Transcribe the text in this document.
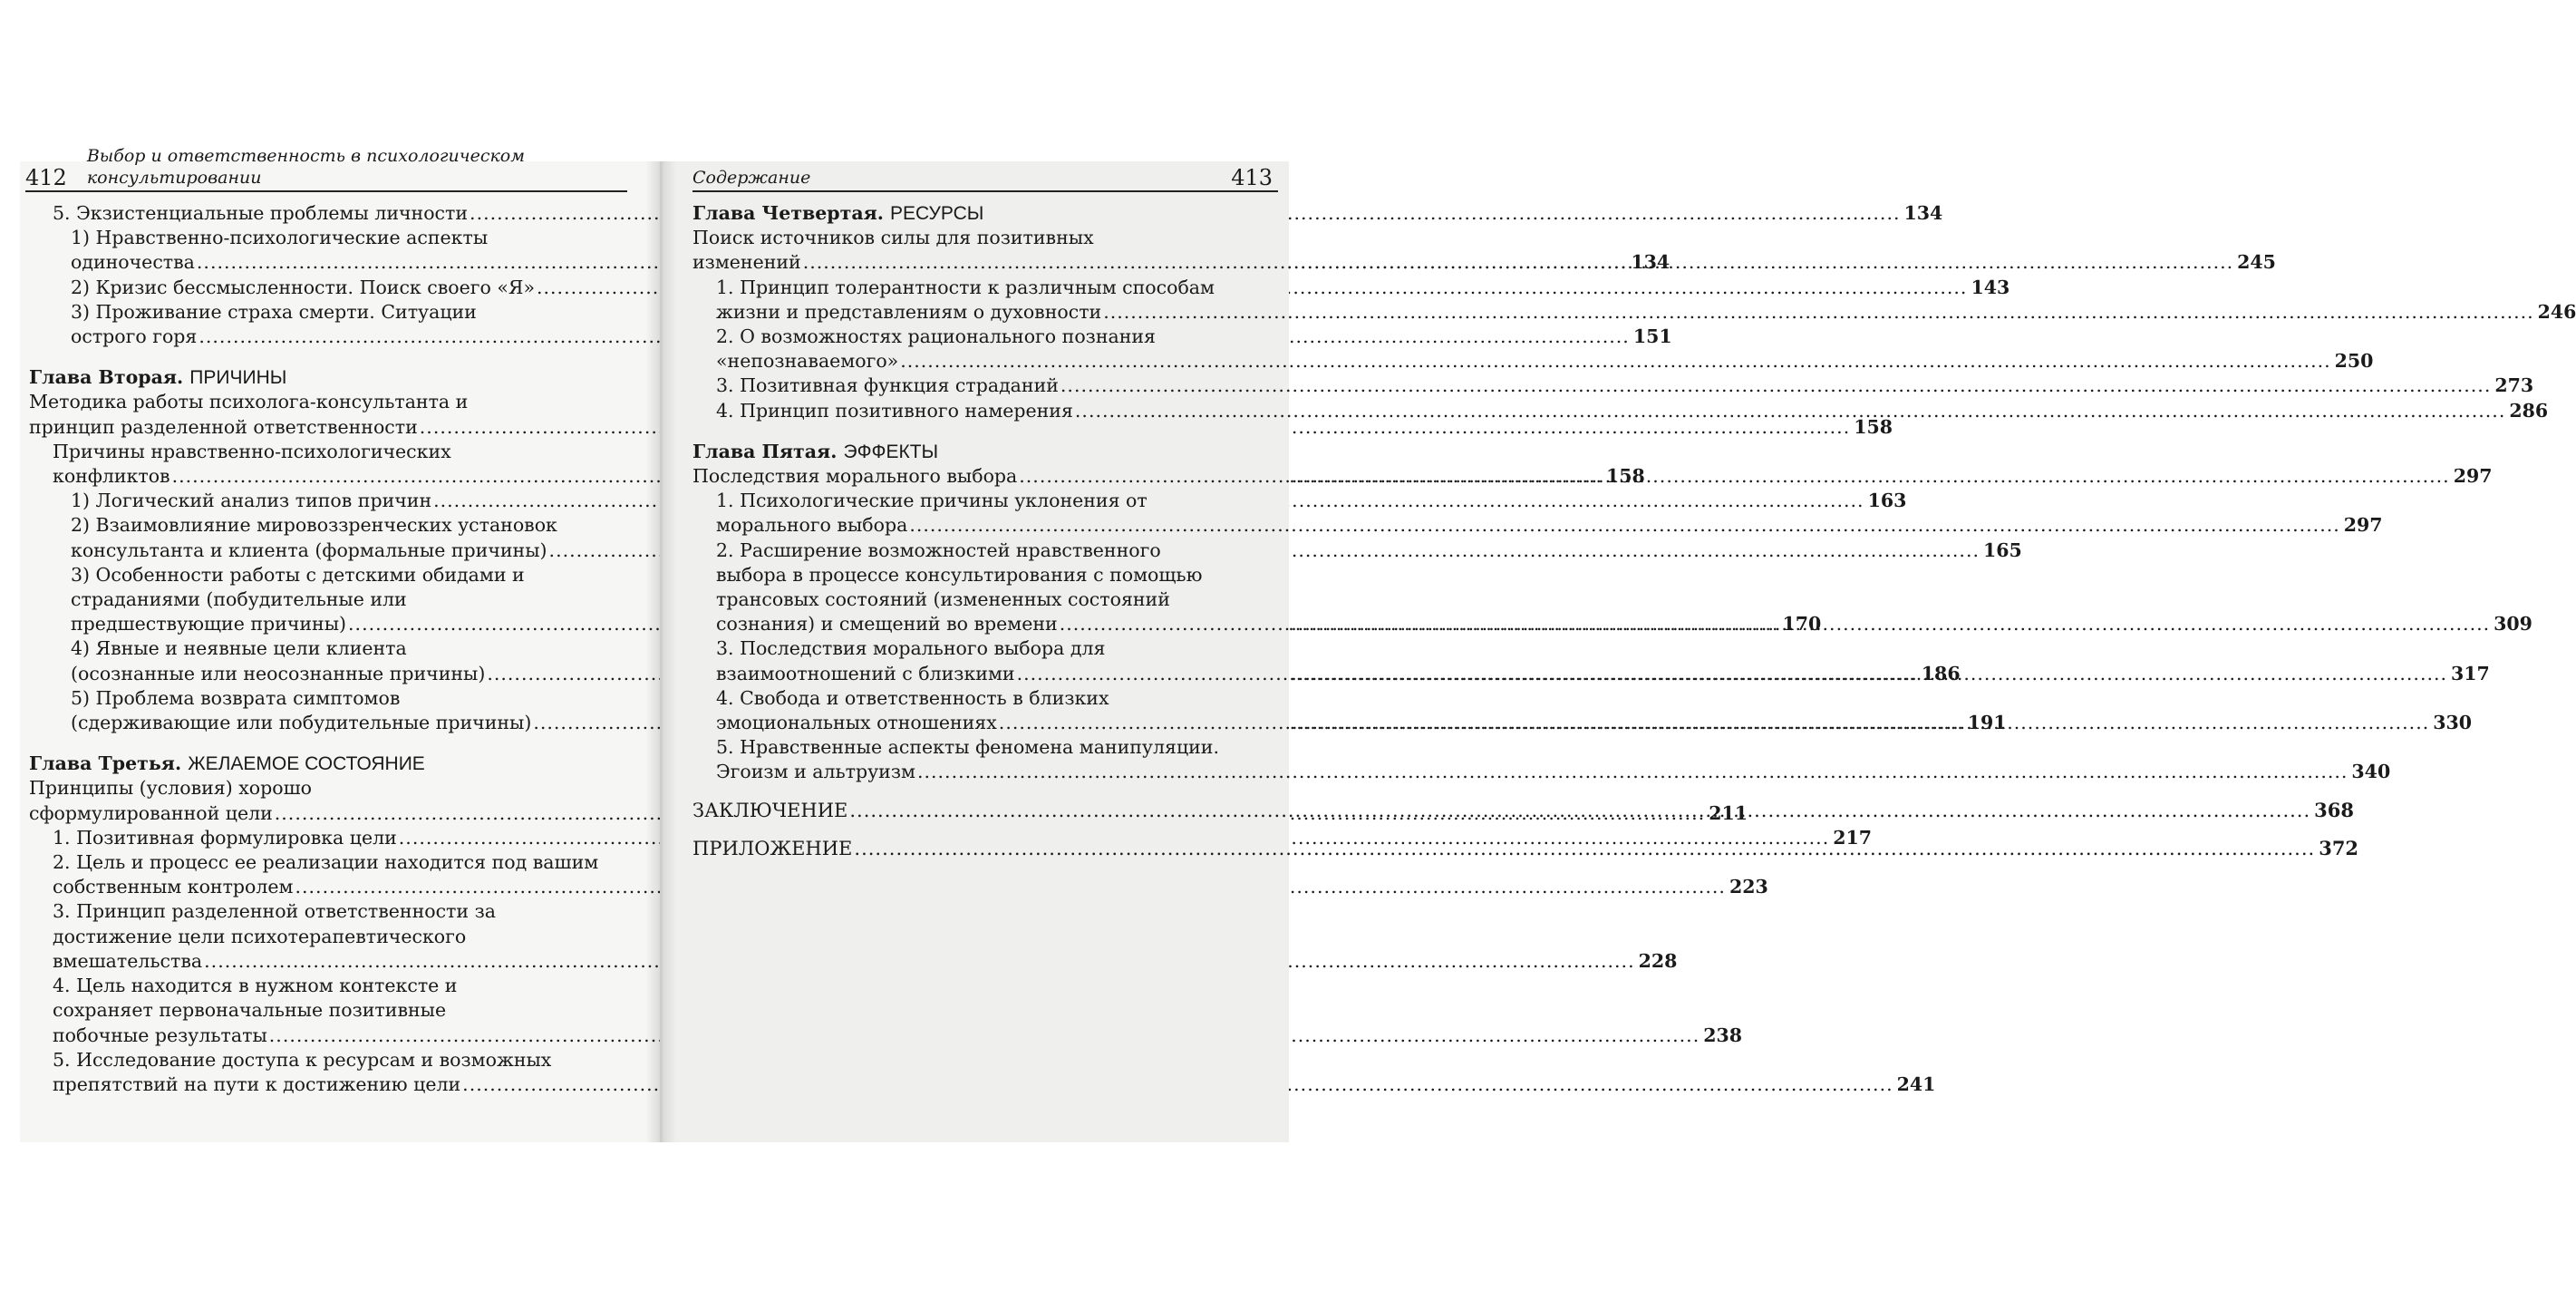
412
Выбор и ответственность в психологическом консультировании
5. Экзистенциальные проблемы личности .....	134
1) Нравственно-психологические аспекты
одиночества .....	134
2) Кризис бессмысленности. Поиск своего «Я» .....	143
3) Проживание страха смерти. Ситуации
острого горя .....	151
Глава Вторая. ПРИЧИНЫ
Методика работы психолога-консультанта и
принцип разделенной ответственности .....	158
Причины нравственно-психологических
конфликтов .....	158
1) Логический анализ типов причин .....	163
2) Взаимовлияние мировоззренческих установок
консультанта и клиента (формальные причины) .....	165
3) Особенности работы с детскими обидами и
страданиями (побудительные или
предшествующие причины) .....	170
4) Явные и неявные цели клиента
(осознанные или неосознанные причины) .....	186
5) Проблема возврата симптомов
(сдерживающие или побудительные причины) .....	191
Глава Третья. ЖЕЛАЕМОЕ СОСТОЯНИЕ
Принципы (условия) хорошо
сформулированной цели .....	211
1. Позитивная формулировка цели .....	217
2. Цель и процесс ее реализации находится под вашим
собственным контролем .....	223
3. Принцип разделенной ответственности за
достижение цели психотерапевтического
вмешательства .....	228
4. Цель находится в нужном контексте и
сохраняет первоначальные позитивные
побочные результаты .....	238
5. Исследование доступа к ресурсам и возможных
препятствий на пути к достижению цели .....	241
Содержание	413
Глава Четвертая. РЕСУРСЫ
Поиск источников силы для позитивных
изменений .....	245
1. Принцип толерантности к различным способам
жизни и представлениям о духовности .....	246
2. О возможностях рационального познания
«непознаваемого» .....	250
3. Позитивная функция страданий .....	273
4. Принцип позитивного намерения .....	286
Глава Пятая. ЭФФЕКТЫ
Последствия морального выбора .....	297
1. Психологические причины уклонения от
морального выбора .....	297
2. Расширение возможностей нравственного
выбора в процессе консультирования с помощью
трансовых состояний (измененных состояний
сознания) и смещений во времени .....	309
3. Последствия морального выбора для
взаимоотношений с близкими .....	317
4. Свобода и ответственность в близких
эмоциональных отношениях .....	330
5. Нравственные аспекты феномена манипуляции.
Эгоизм и альтруизм .....	340
ЗАКЛЮЧЕНИЕ .....	368
ПРИЛОЖЕНИЕ .....	372
